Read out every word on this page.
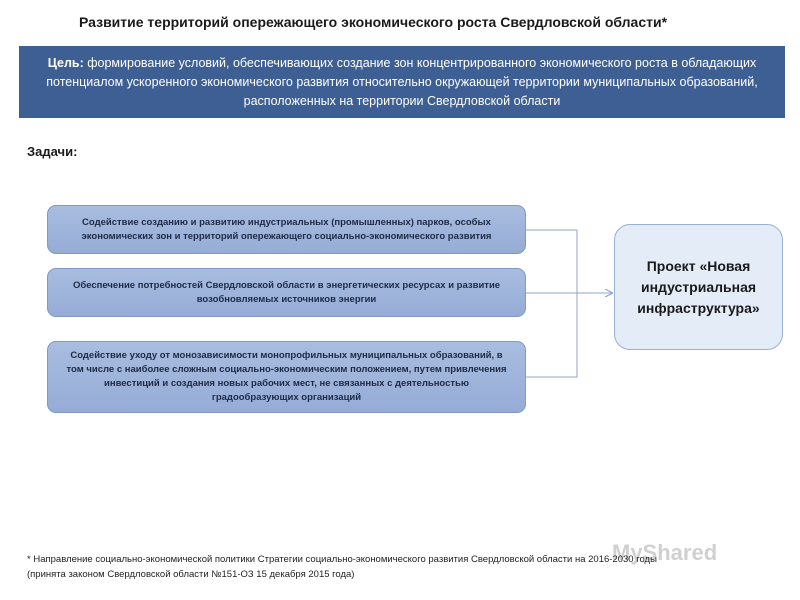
Развитие территорий опережающего экономического роста Свердловской области*
Цель: формирование условий, обеспечивающих создание зон концентрированного экономического роста в обладающих потенциалом ускоренного экономического развития относительно окружающей территории муниципальных образований, расположенных на территории Свердловской области
Задачи:
Содействие созданию и развитию индустриальных (промышленных) парков, особых экономических зон и территорий опережающего социально-экономического развития
Обеспечение потребностей Свердловской области в энергетических ресурсах и развитие возобновляемых источников энергии
Содействие уходу от монозависимости монопрофильных муниципальных образований, в том числе с наиболее сложным социально-экономическим положением, путем привлечения инвестиций и создания новых рабочих мест, не связанных с деятельностью градообразующих организаций
Проект «Новая индустриальная инфраструктура»
MyShared
* Направление социально-экономической политики Стратегии социально-экономического развития Свердловской области на 2016-2030 годы
(принята законом Свердловской области №151-ОЗ 15 декабря 2015 года)
